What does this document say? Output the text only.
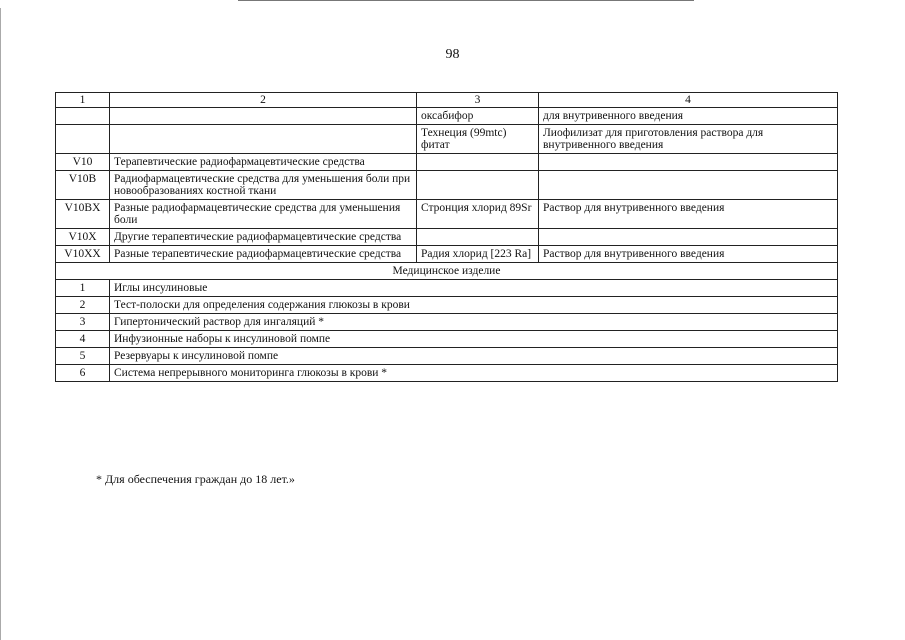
98
1	2	3	4
		оксабифор	для внутривенного введения
		Технеция (99mtc) фитат	Лиофилизат для приготовления раствора для внутривенного введения
V10	Терапевтические радиофармацевтические средства		
V10B	Радиофармацевтические средства для уменьшения боли при новообразованиях костной ткани		
V10BX	Разные радиофармацевтические средства для уменьшения боли	Стронция хлорид 89Sr	Раствор для внутривенного введения
V10X	Другие терапевтические радиофармацевтические средства		
V10XX	Разные терапевтические радиофармацевтические средства	Радия хлорид [223 Ra]	Раствор для внутривенного введения
Медицинское изделие			
1	Иглы инсулиновые		
2	Тест-полоски для определения содержания глюкозы в крови		
3	Гипертонический раствор для ингаляций *		
4	Инфузионные наборы к инсулиновой помпе		
5	Резервуары к инсулиновой помпе		
6	Система непрерывного мониторинга глюкозы в крови *		
* Для обеспечения граждан до 18 лет.»
